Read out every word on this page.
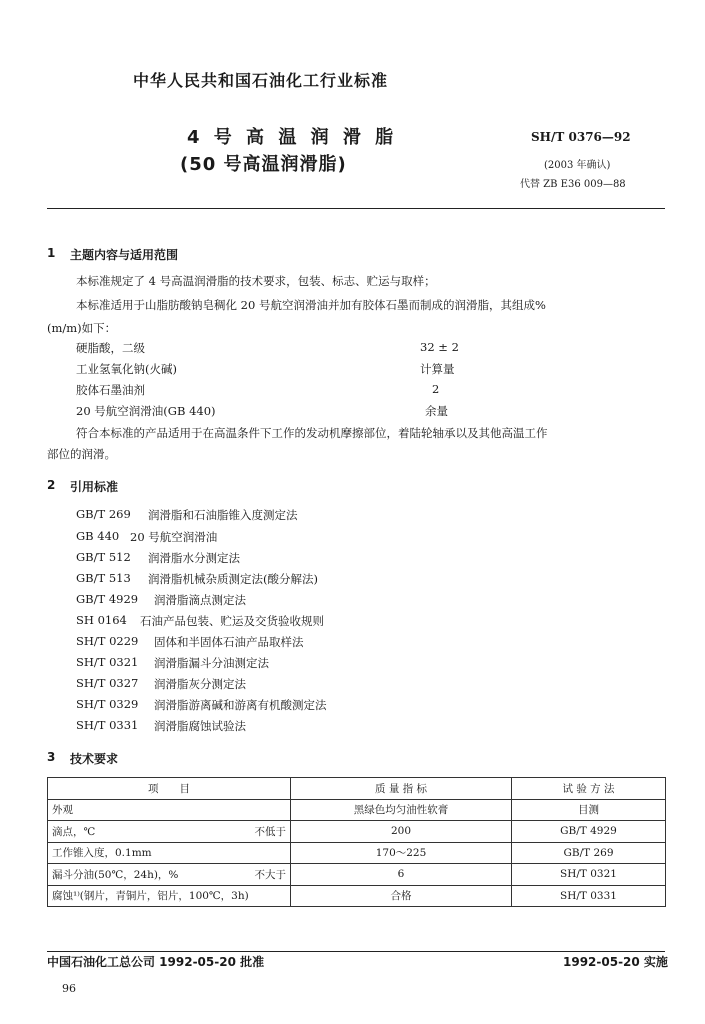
中华人民共和国石油化工行业标准
4 号 高 温 润 滑 脂
(50 号高温润滑脂)
SH/T 0376—92
(2003 年确认)
代替 ZB E36 009—88
1 主题内容与适用范围
本标准规定了 4 号高温润滑脂的技术要求，包装、标志、贮运与取样；
本标准适用于山脂肪酸钠皂稠化 20 号航空润滑油并加有胶体石墨而制成的润滑脂，其组成%
(m/m)如下：
硬脂酸，二级	32 ± 2
工业氢氧化钠(火碱)	计算量
胶体石墨油剂	2
20 号航空润滑油(GB 440)	余量
符合本标准的产品适用于在高温条件下工作的发动机摩擦部位，着陆轮轴承以及其他高温工作
部位的润滑。
2 引用标准
GB/T 269 润滑脂和石油脂锥入度测定法
GB 440 20 号航空润滑油
GB/T 512 润滑脂水分测定法
GB/T 513 润滑脂机械杂质测定法(酸分解法)
GB/T 4929 润滑脂滴点测定法
SH 0164 石油产品包装、贮运及交货验收规则
SH/T 0229 固体和半固体石油产品取样法
SH/T 0321 润滑脂漏斗分油测定法
SH/T 0327 润滑脂灰分测定法
SH/T 0329 润滑脂游离碱和游离有机酸测定法
SH/T 0331 润滑脂腐蚀试验法
3 技术要求
项　　目	质 量 指 标	试 验 方 法

外观	黑绿色均匀油性软膏	目测

滴点，℃ 不低于	200	GB/T 4929

工作锥入度，0.1mm	170～225	GB/T 269

漏斗分油(50℃，24h)，% 不大于	6	SH/T 0321

腐蚀¹⁾(钢片，青铜片，铝片，100℃，3h)	合格	SH/T 0331
中国石油化工总公司 1992-05-20 批准	1992-05-20 实施
96
